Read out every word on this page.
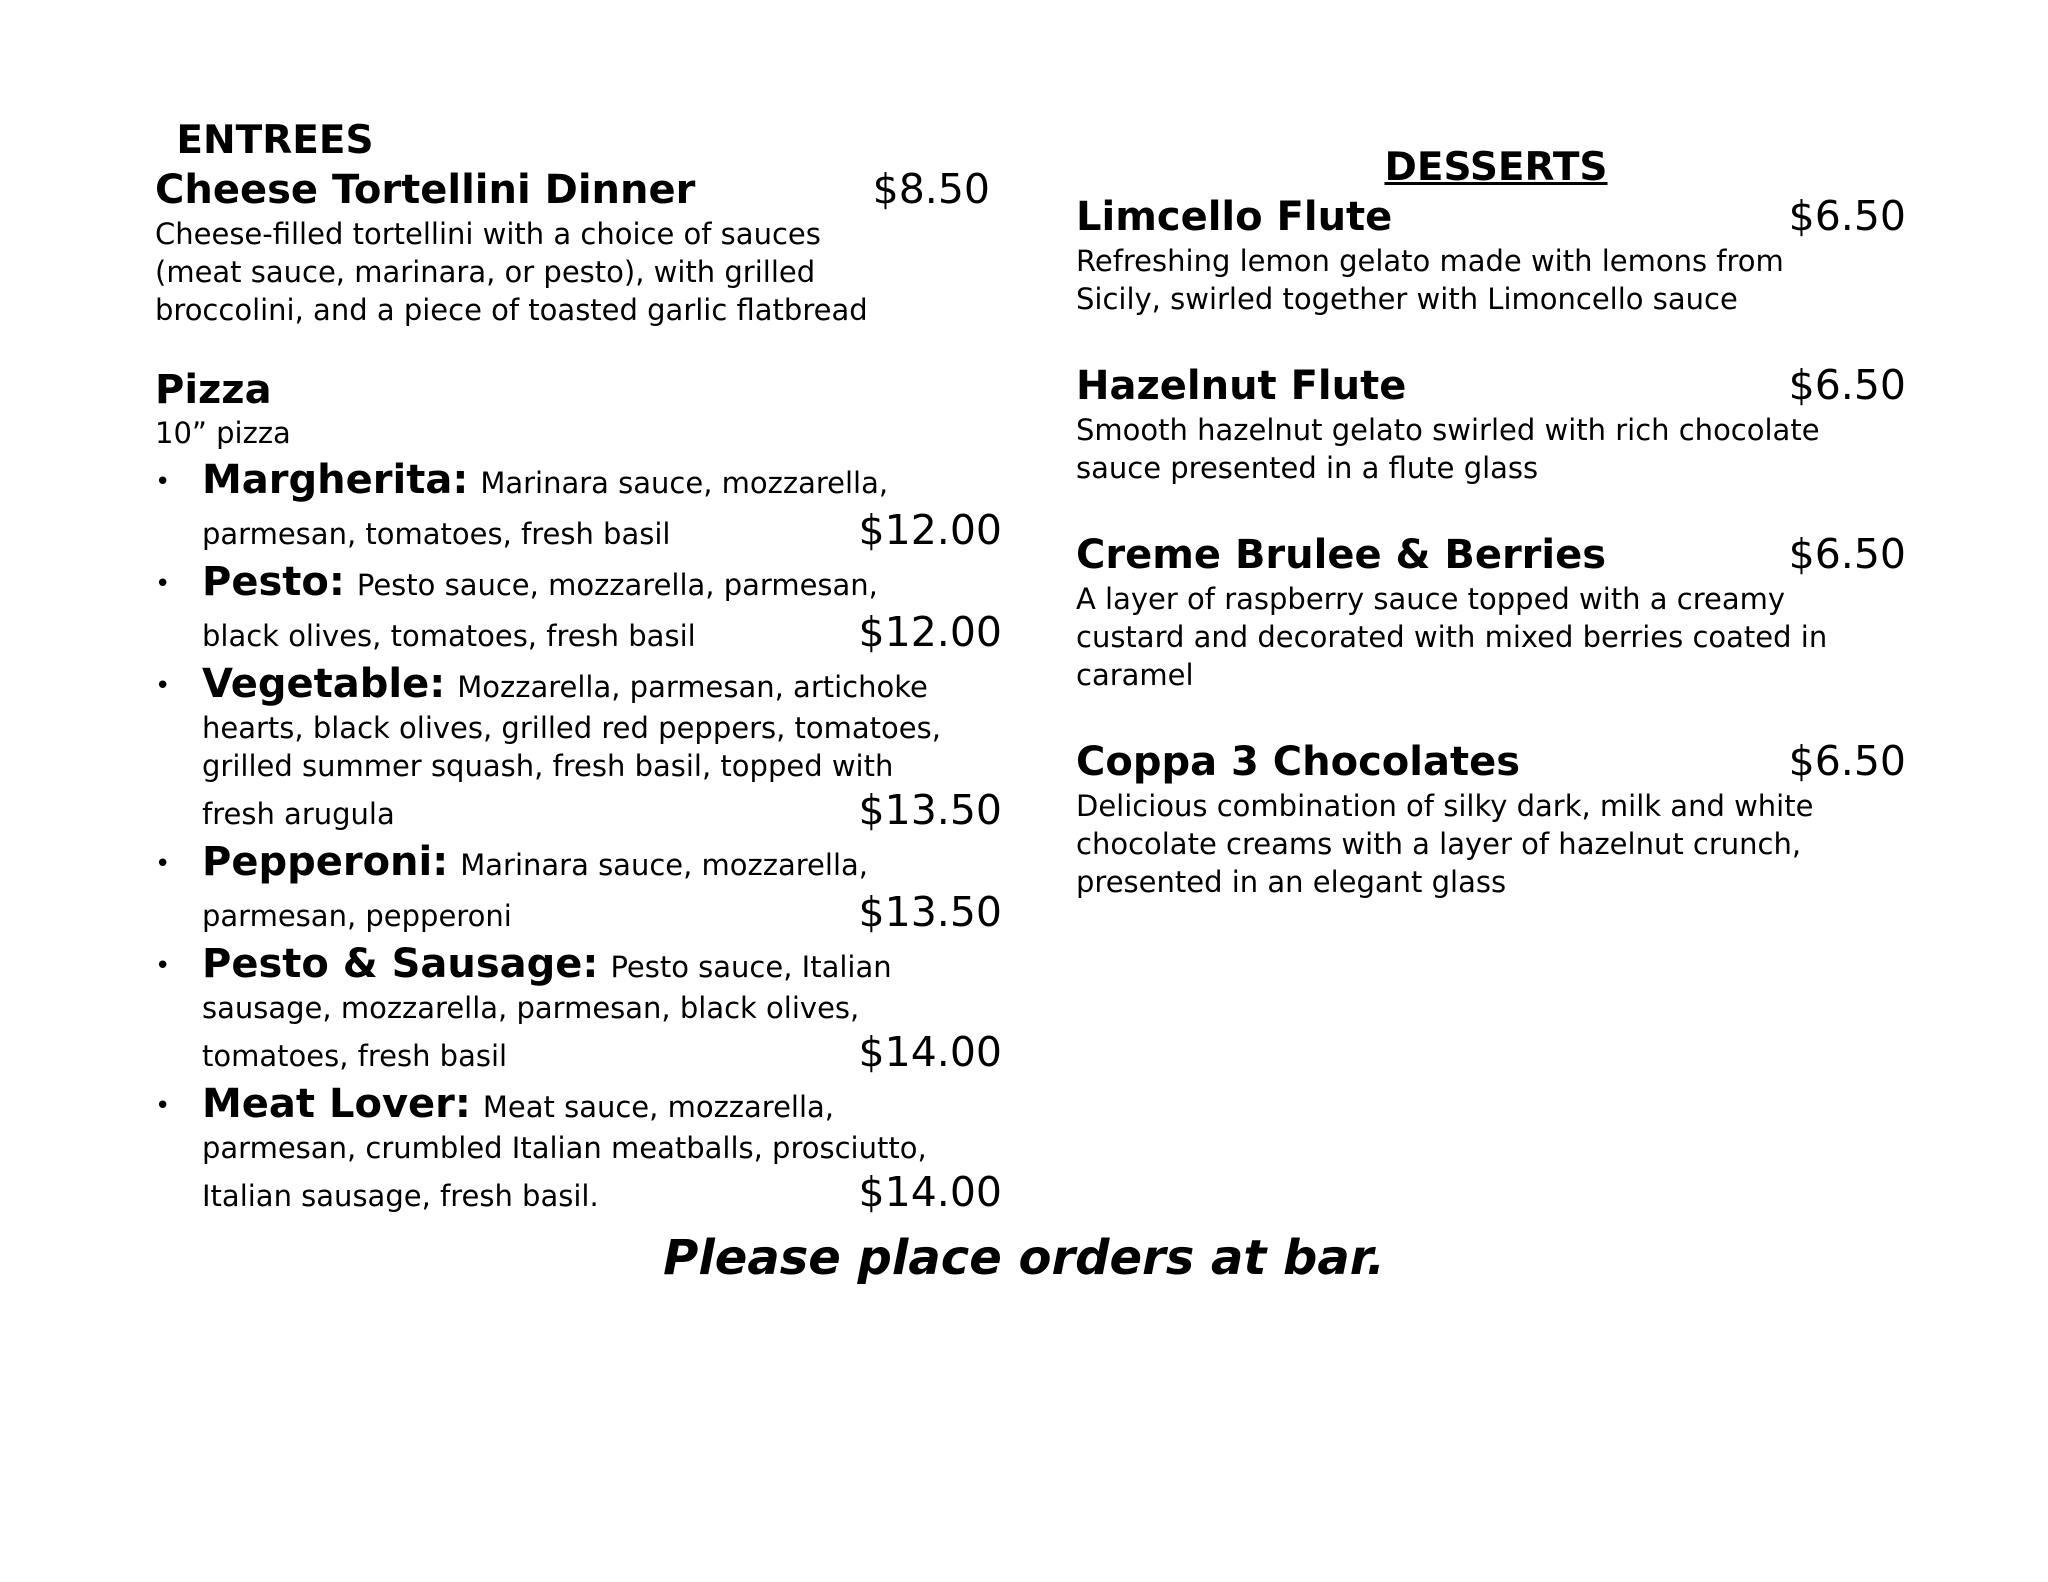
ENTREES
Cheese Tortellini Dinner	$8.50
Cheese-filled tortellini with a choice of sauces
(meat sauce, marinara, or pesto), with grilled
broccolini, and a piece of toasted garlic flatbread
Pizza
10” pizza
• Margherita: Marinara sauce, mozzarella,
parmesan, tomatoes, fresh basil	$12.00
• Pesto: Pesto sauce, mozzarella, parmesan,
black olives, tomatoes, fresh basil	$12.00
• Vegetable: Mozzarella, parmesan, artichoke
hearts, black olives, grilled red peppers, tomatoes,
grilled summer squash, fresh basil, topped with
fresh arugula	$13.50
• Pepperoni: Marinara sauce, mozzarella,
parmesan, pepperoni	$13.50
• Pesto & Sausage: Pesto sauce, Italian
sausage, mozzarella, parmesan, black olives,
tomatoes, fresh basil	$14.00
• Meat Lover: Meat sauce, mozzarella,
parmesan, crumbled Italian meatballs, prosciutto,
Italian sausage, fresh basil.	$14.00
DESSERTS
Limcello Flute	$6.50
Refreshing lemon gelato made with lemons from
Sicily, swirled together with Limoncello sauce
Hazelnut Flute	$6.50
Smooth hazelnut gelato swirled with rich chocolate
sauce presented in a flute glass
Creme Brulee & Berries	$6.50
A layer of raspberry sauce topped with a creamy
custard and decorated with mixed berries coated in
caramel
Coppa 3 Chocolates	$6.50
Delicious combination of silky dark, milk and white
chocolate creams with a layer of hazelnut crunch,
presented in an elegant glass
Please place orders at bar.
